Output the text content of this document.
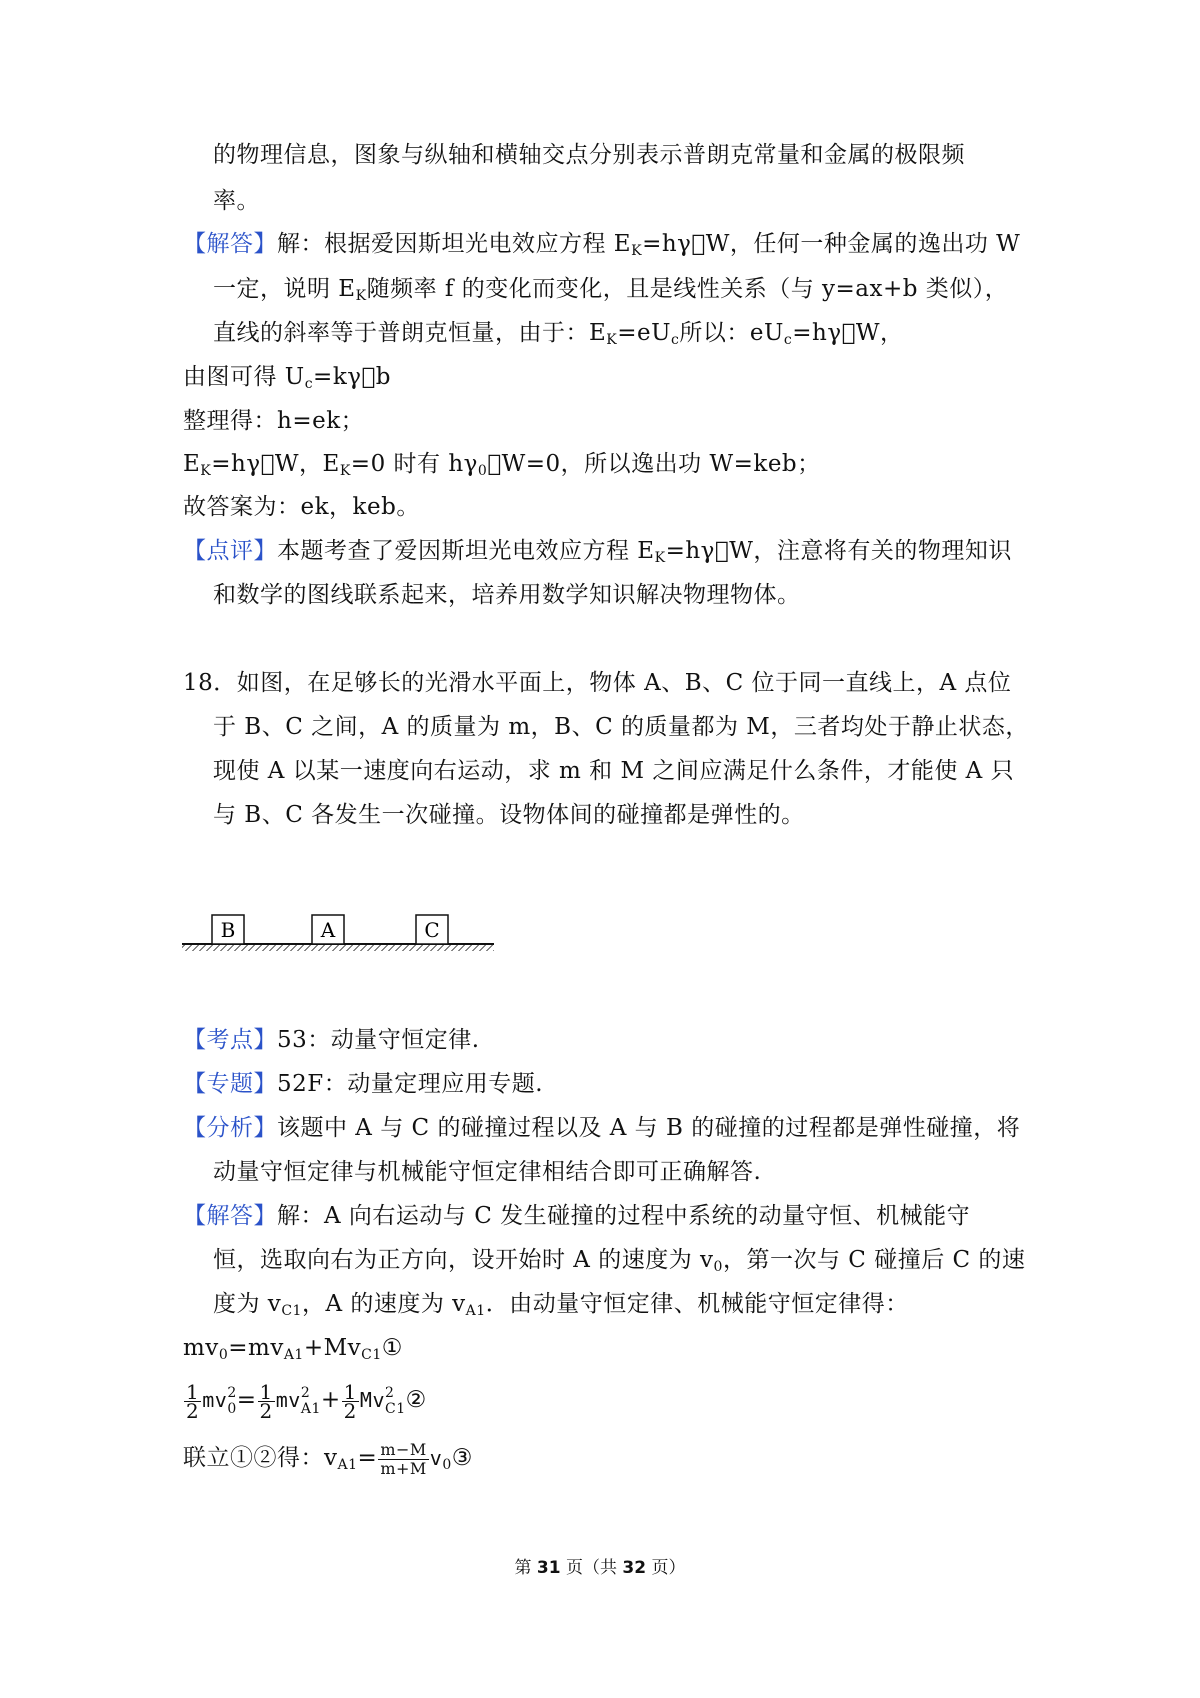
的物理信息，图象与纵轴和横轴交点分别表示普朗克常量和金属的极限频
率。
【解答】解：根据爱因斯坦光电效应方程 $E_K=h\gamma W$，任何一种金属的逸出功 W
一定，说明 $E_K$随频率 f 的变化而变化，且是线性关系（与 y=ax+b 类似），
直线的斜率等于普朗克恒量，由于：$E_K=eU_c$所以：$eU_c=h\gamma W$，
由图可得 $U_c=k\gamma b$
整理得：h=ek；
$E_K=h\gamma W$，$E_K=0$ 时有 $h\gamma_0 W=0$，所以逸出功 W=keb；
故答案为：ek，keb。
【点评】本题考查了爱因斯坦光电效应方程 $E_K=h\gamma W$，注意将有关的物理知识
和数学的图线联系起来，培养用数学知识解决物理物体。
18．如图，在足够长的光滑水平面上，物体 A、B、C 位于同一直线上，A 点位
于 B、C 之间，A 的质量为 m，B、C 的质量都为 M，三者均处于静止状态，
现使 A 以某一速度向右运动，求 m 和 M 之间应满足什么条件，才能使 A 只
与 B、C 各发生一次碰撞。设物体间的碰撞都是弹性的。
B	A	C
【考点】53：动量守恒定律.
【专题】52F：动量定理应用专题.
【分析】该题中 A 与 C 的碰撞过程以及 A 与 B 的碰撞的过程都是弹性碰撞，将
动量守恒定律与机械能守恒定律相结合即可正确解答.
【解答】解：A 向右运动与 C 发生碰撞的过程中系统的动量守恒、机械能守
恒，选取向右为正方向，设开始时 A 的速度为 $v_0$，第一次与 C 碰撞后 C 的速
度为 $v_{C1}$，A 的速度为 $v_{A1}$．由动量守恒定律、机械能守恒定律得：
$mv_0=mv_{A1}+Mv_{C1}①$
$\frac{1}{2}$ mv 2
$0 = \frac{1}{2}$ mv 2
$A1 + \frac{1}{2}$ Mv 2
C1 ②
联立①②得：$v_{A1}= \frac{m-M}{m+M}$ $v_0③$
第 31 页（共 32 页）
